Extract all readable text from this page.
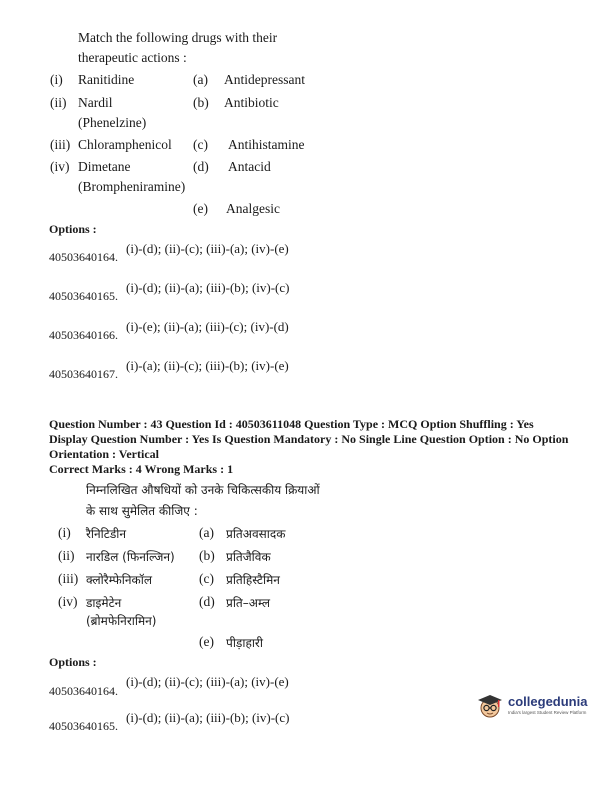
Match the following drugs with their
therapeutic actions :
(i) Ranitidine	(a) Antidepressant
(ii) Nardil	(b) Antibiotic
(Phenelzine)
(iii) Chloramphenicol (c) Antihistamine
(iv) Dimetane	(d) Antacid
(Brompheniramine)
(e) Analgesic
Options :
40503640164.
(i)-(d); (ii)-(c); (iii)-(a); (iv)-(e)
40503640165.
(i)-(d); (ii)-(a); (iii)-(b); (iv)-(c)
40503640166.
(i)-(e); (ii)-(a); (iii)-(c); (iv)-(d)
40503640167.
(i)-(a); (ii)-(c); (iii)-(b); (iv)-(e)
Question Number : 43 Question Id : 40503611048 Question Type : MCQ Option Shuffling : Yes
Display Question Number : Yes Is Question Mandatory : No Single Line Question Option : No Option
Orientation : Vertical
Correct Marks : 4 Wrong Marks : 1
निम्नलिखित औषधियों को उनके चिकित्सकीय क्रियाओं
के साथ सुमेलित कीजिए :
(i) रैनिटिडीन	(a) प्रतिअवसादक
(ii) नारडिल (फिनल्जिन) (b) प्रतिजैविक
(iii) क्लोरैम्फेनिकॉल	(c) प्रतिहिस्टैमिन
(iv) डाइमेटेन	(d) प्रति–अम्ल
(ब्रोमफेनिरामिन)
(e) पीड़ाहारी
Options :
40503640164.
(i)-(d); (ii)-(c); (iii)-(a); (iv)-(e)
40503640165.
(i)-(d); (ii)-(a); (iii)-(b); (iv)-(c)
collegedunia
India's largest Student Review Platform
